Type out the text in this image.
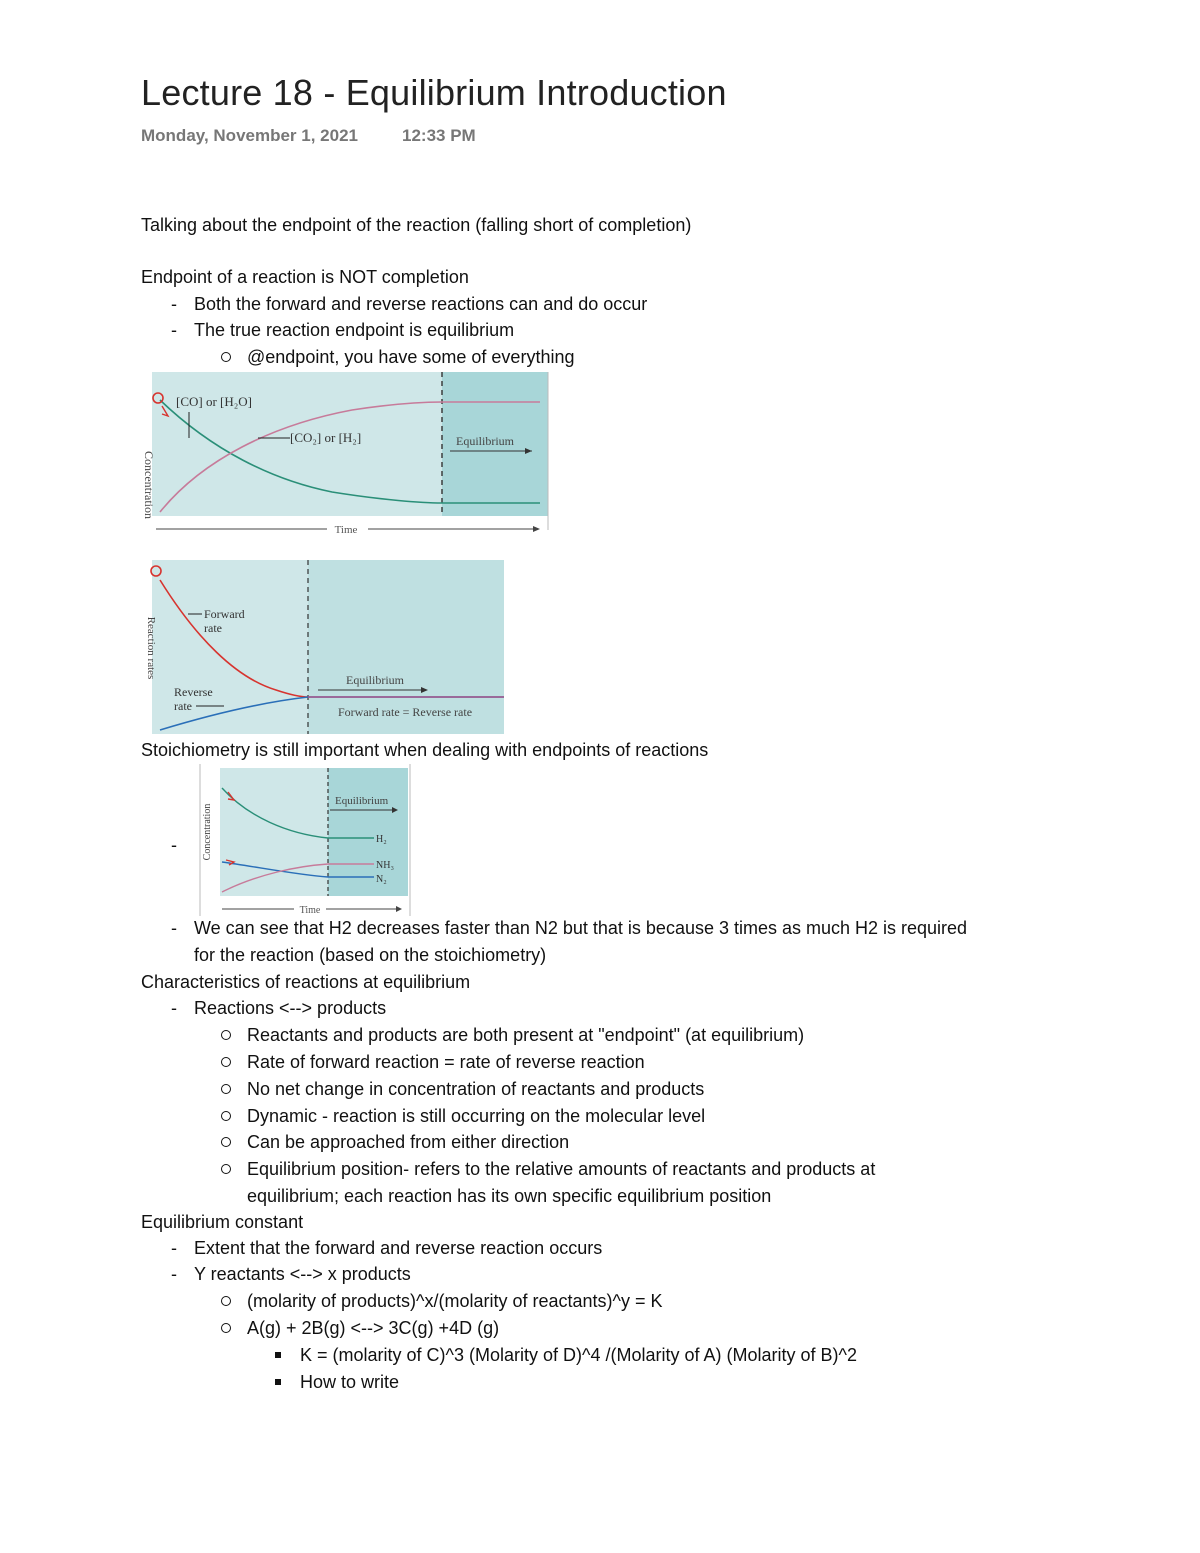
Lecture 18 - Equilibrium Introduction
Monday, November 1, 2021	12:33 PM
Talking about the endpoint of the reaction (falling short of completion)
Endpoint of a reaction is NOT completion
- Both the forward and reverse reactions can and do occur
- The true reaction endpoint is equilibrium
@endpoint, you have some of everything
[CO] or [H₂O]
[CO₂] or [H₂]	Equilibrium
Concentration
Time
Forward
rate
Reverse
rate
Equilibrium
Forward rate = Reverse rate
Reaction rates
Stoichiometry is still important when dealing with endpoints of reactions
-
Equilibrium
H₂
NH₃
N₂
Concentration
Time
- We can see that H2 decreases faster than N2 but that is because 3 times as much H2 is required
for the reaction (based on the stoichiometry)
Characteristics of reactions at equilibrium
- Reactions <--> products
Reactants and products are both present at "endpoint" (at equilibrium)
Rate of forward reaction = rate of reverse reaction
No net change in concentration of reactants and products
Dynamic - reaction is still occurring on the molecular level
Can be approached from either direction
Equilibrium position- refers to the relative amounts of reactants and products at
equilibrium; each reaction has its own specific equilibrium position
Equilibrium constant
- Extent that the forward and reverse reaction occurs
- Y reactants <--> x products
(molarity of products)^x/(molarity of reactants)^y = K
A(g) + 2B(g) <--> 3C(g) +4D (g)
K = (molarity of C)^3 (Molarity of D)^4 /(Molarity of A) (Molarity of B)^2
How to write
